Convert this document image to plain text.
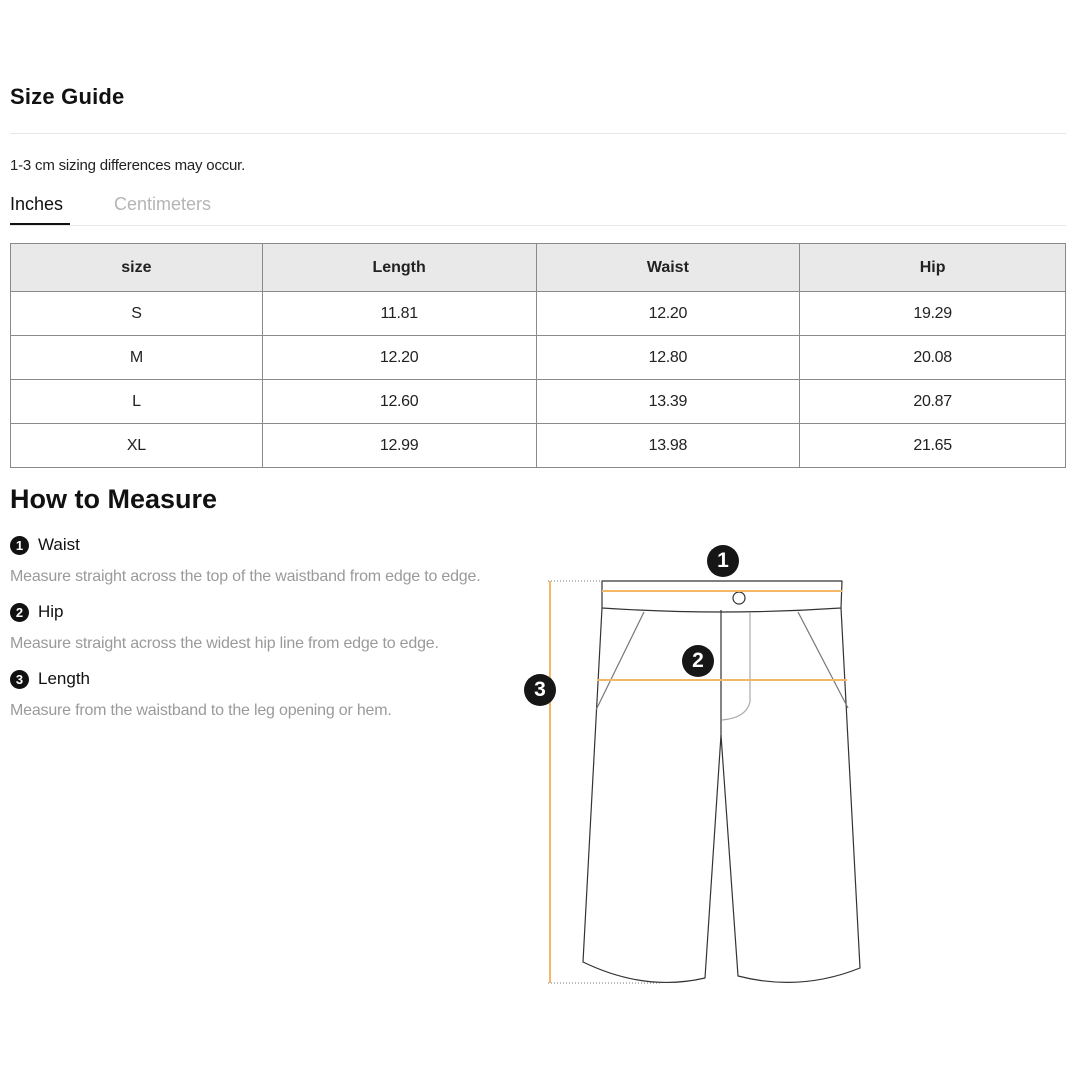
Size Guide
1-3 cm sizing differences may occur.
Inches	Centimeters
size	Length	Waist	Hip
S	11.81	12.20	19.29
M	12.20	12.80	20.08
L	12.60	13.39	20.87
XL	12.99	13.98	21.65
How to Measure
1 Waist
Measure straight across the top of the waistband from edge to edge.
2 Hip
Measure straight across the widest hip line from edge to edge.
3 Length
Measure from the waistband to the leg opening or hem.
1
2
3
